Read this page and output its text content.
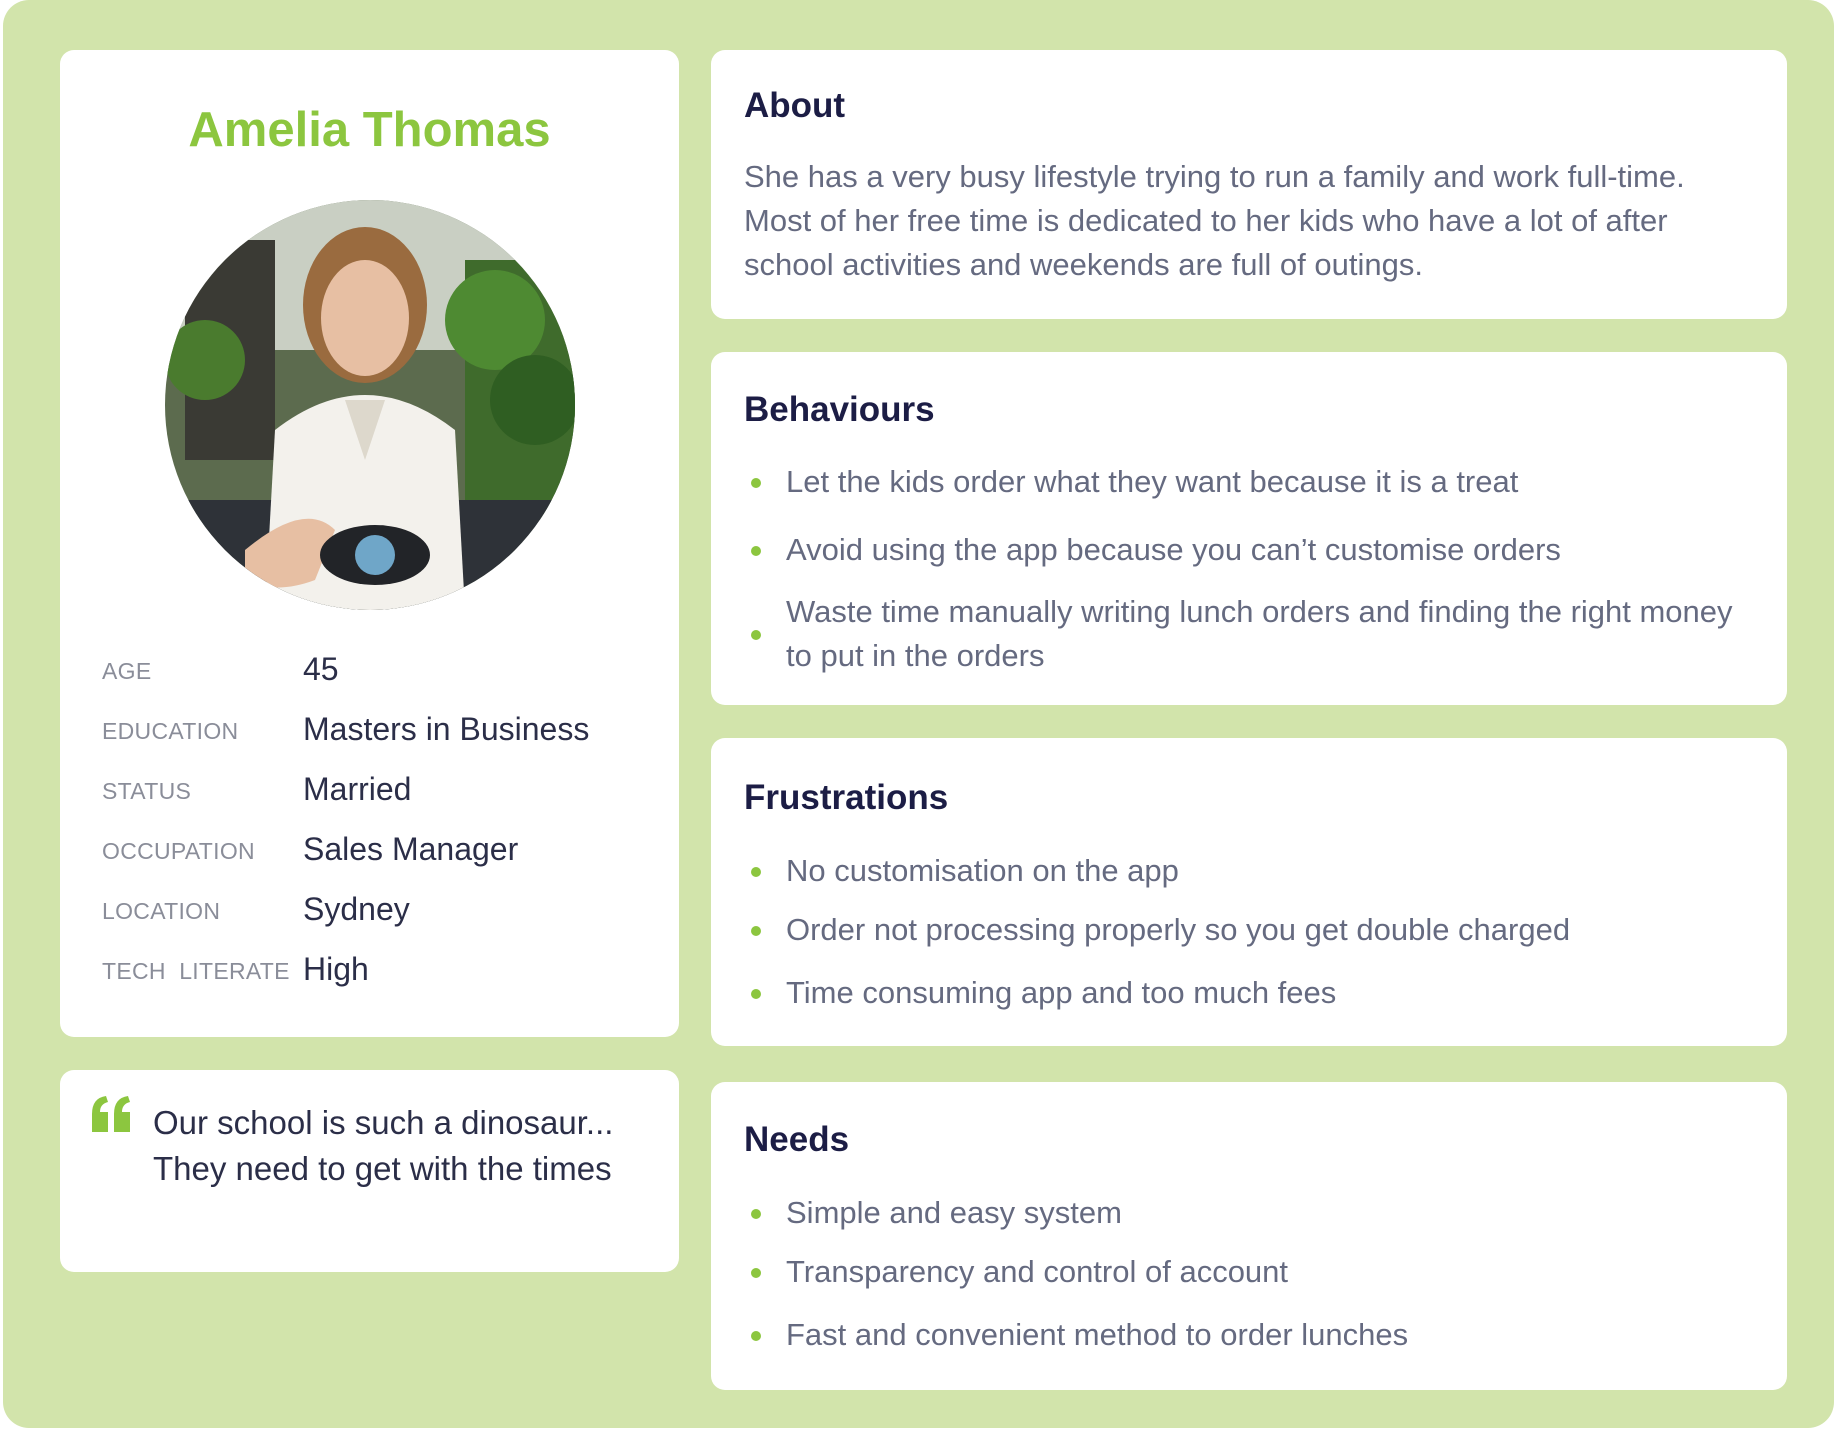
Amelia Thomas
AGE	45
EDUCATION Masters in Business
STATUS	Married
OCCUPATION Sales Manager
LOCATION	Sydney
TECH  LITERATE High
Our school is such a dinosaur... They need to get with the times
About
She has a very busy lifestyle trying to run a family and work full-time. Most of her free time is dedicated to her kids who have a lot of after school activities and weekends are full of outings.
Behaviours
Let the kids order what they want because it is a treat
Avoid using the app because you can’t customise orders
Waste time manually writing lunch orders and finding the right money to put in the orders
Frustrations
No customisation on the app
Order not processing properly so you get double charged
Time consuming app and too much fees
Needs
Simple and easy system
Transparency and control of account
Fast and convenient method to order lunches
